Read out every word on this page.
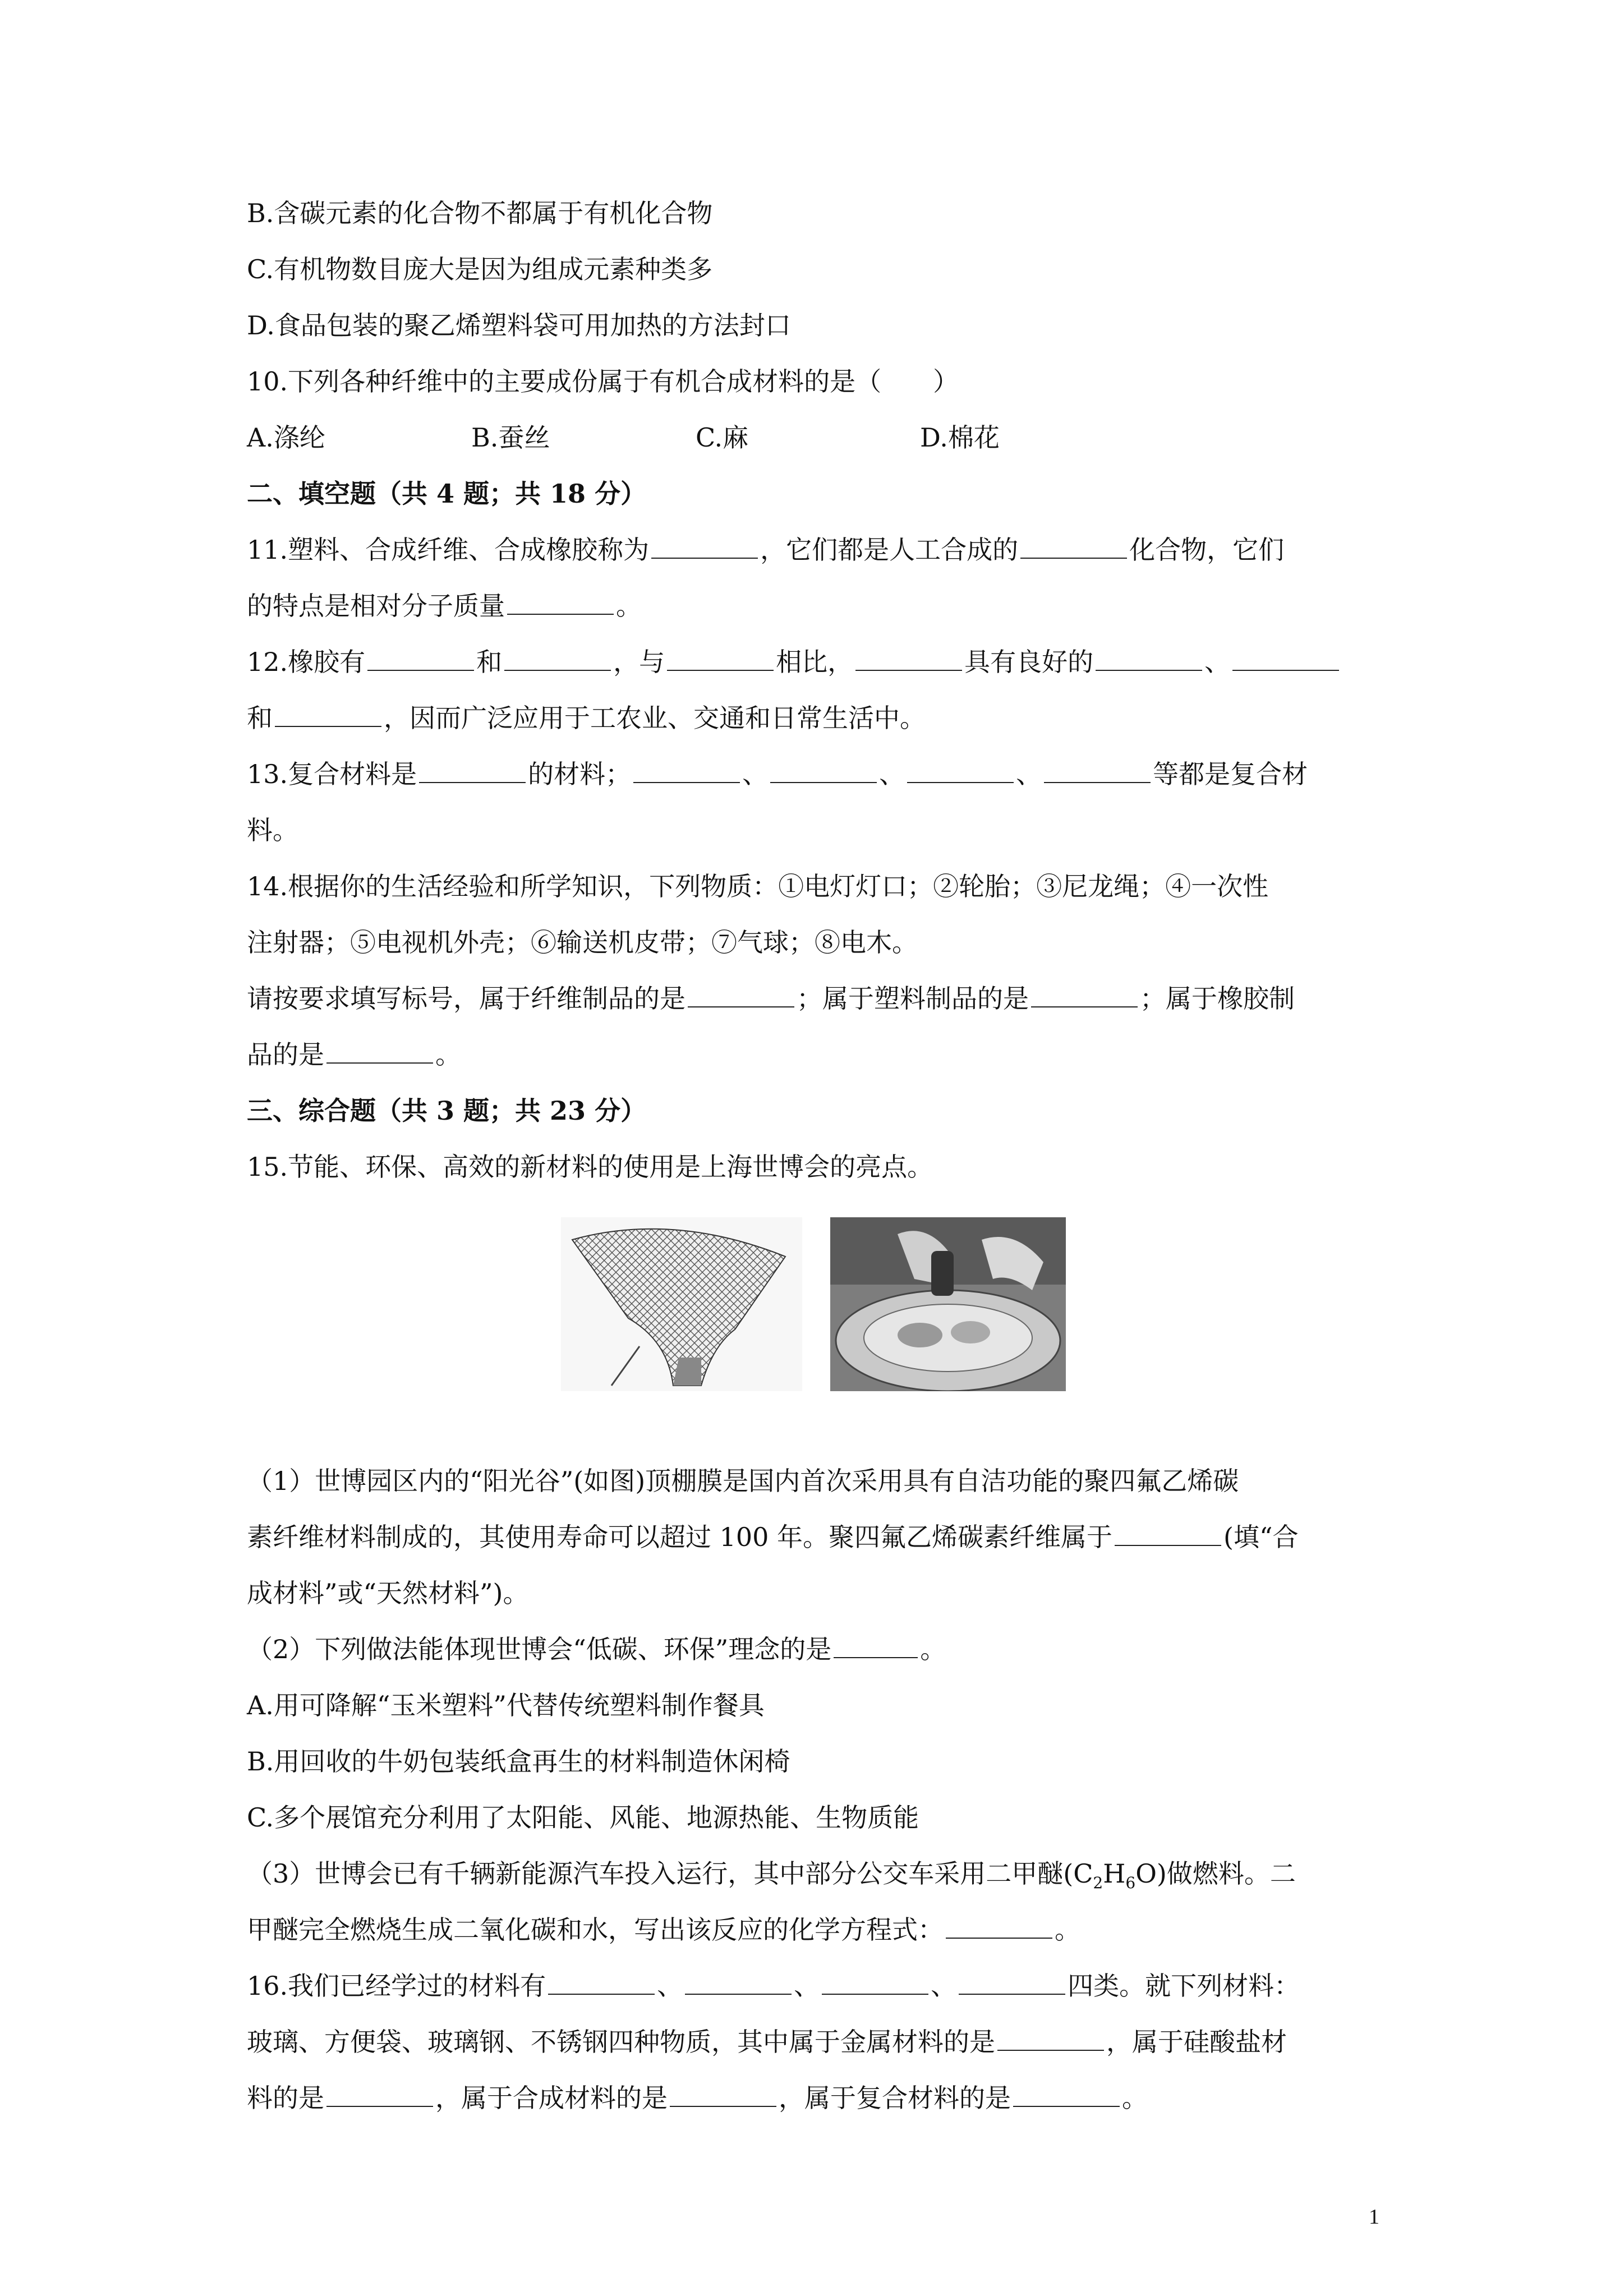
B.含碳元素的化合物不都属于有机化合物
C.有机物数目庞大是因为组成元素种类多
D.食品包装的聚乙烯塑料袋可用加热的方法封口
10.下列各种纤维中的主要成份属于有机合成材料的是（　　）
A.涤纶	B.蚕丝	C.麻	D.棉花
二、填空题（共 4 题；共 18 分）
11.塑料、合成纤维、合成橡胶称为	，它们都是人工合成的	化合物，它们
的特点是相对分子质量	。
12.橡胶有	和	，与	相比，	具有良好的	、
和	，因而广泛应用于工农业、交通和日常生活中。
13.复合材料是	的材料；	、	、	、	等都是复合材
料。
14.根据你的生活经验和所学知识，下列物质：①电灯灯口；②轮胎；③尼龙绳；④一次性
注射器；⑤电视机外壳；⑥输送机皮带；⑦气球；⑧电木。
请按要求填写标号，属于纤维制品的是	；属于塑料制品的是	；属于橡胶制
品的是	。
三、综合题（共 3 题；共 23 分）
15.节能、环保、高效的新材料的使用是上海世博会的亮点。
（1）世博园区内的“阳光谷”(如图)顶棚膜是国内首次采用具有自洁功能的聚四氟乙烯碳
素纤维材料制成的，其使用寿命可以超过 100 年。聚四氟乙烯碳素纤维属于	(填“合
成材料”或“天然材料”)。
（2）下列做法能体现世博会“低碳、环保”理念的是	。
A.用可降解“玉米塑料”代替传统塑料制作餐具
B.用回收的牛奶包装纸盒再生的材料制造休闲椅
C.多个展馆充分利用了太阳能、风能、地源热能、生物质能
（3）世博会已有千辆新能源汽车投入运行，其中部分公交车采用二甲醚$(C_2H_6O)$做燃料。二
甲醚完全燃烧生成二氧化碳和水，写出该反应的化学方程式：	。
16.我们已经学过的材料有	、	、	、	四类。就下列材料：
玻璃、方便袋、玻璃钢、不锈钢四种物质，其中属于金属材料的是	，属于硅酸盐材
料的是	，属于合成材料的是	，属于复合材料的是	。
1
